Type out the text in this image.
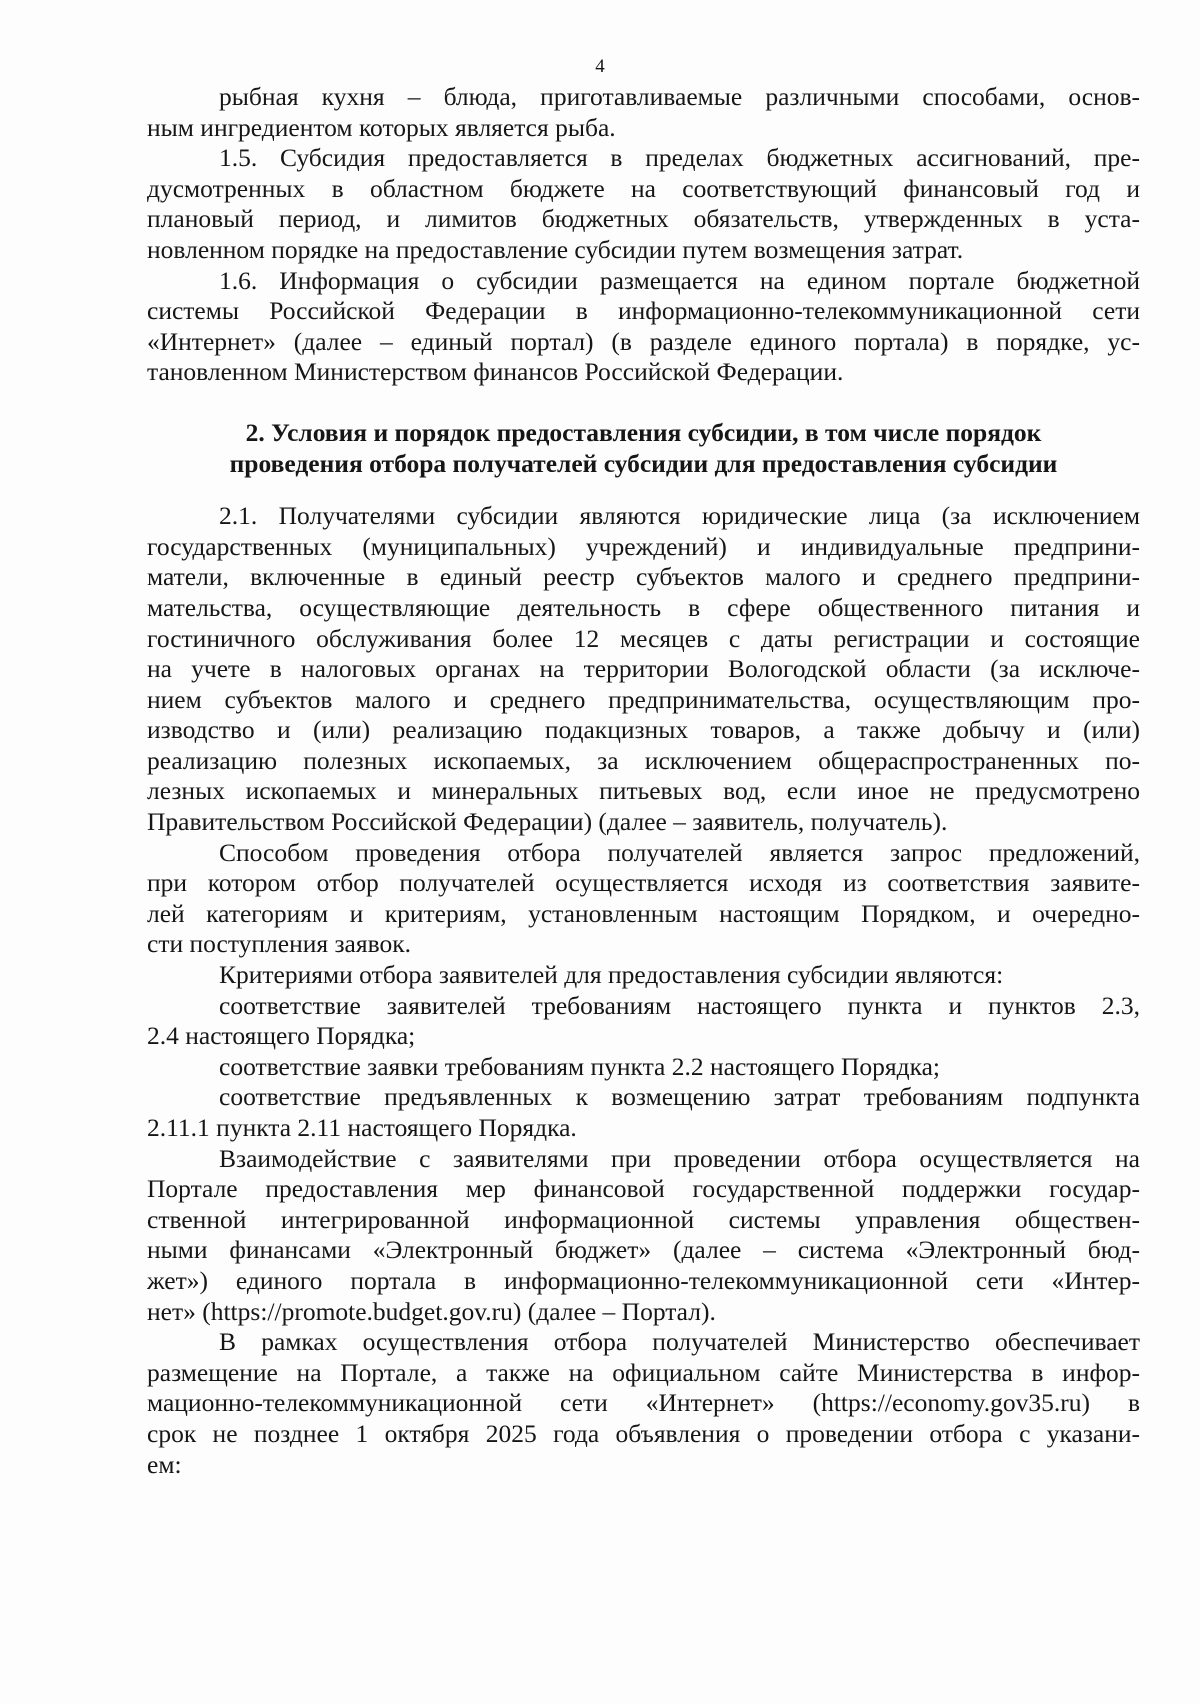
4
рыбная кухня – блюда, приготавливаемые различными способами, основ-
ным ингредиентом которых является рыба.
1.5. Субсидия предоставляется в пределах бюджетных ассигнований, пре-
дусмотренных в областном бюджете на соответствующий финансовый год и
плановый период, и лимитов бюджетных обязательств, утвержденных в уста-
новленном порядке на предоставление субсидии путем возмещения затрат.
1.6. Информация о субсидии размещается на едином портале бюджетной
системы Российской Федерации в информационно-телекоммуникационной сети
«Интернет» (далее – единый портал) (в разделе единого портала) в порядке, ус-
тановленном Министерством финансов Российской Федерации.
2. Условия и порядок предоставления субсидии, в том числе порядок
проведения отбора получателей субсидии для предоставления субсидии
2.1. Получателями субсидии являются юридические лица (за исключением
государственных (муниципальных) учреждений) и индивидуальные предприни-
матели, включенные в единый реестр субъектов малого и среднего предприни-
мательства, осуществляющие деятельность в сфере общественного питания и
гостиничного обслуживания более 12 месяцев с даты регистрации и состоящие
на учете в налоговых органах на территории Вологодской области (за исключе-
нием субъектов малого и среднего предпринимательства, осуществляющим про-
изводство и (или) реализацию подакцизных товаров, а также добычу и (или)
реализацию полезных ископаемых, за исключением общераспространенных по-
лезных ископаемых и минеральных питьевых вод, если иное не предусмотрено
Правительством Российской Федерации) (далее – заявитель, получатель).
Способом проведения отбора получателей является запрос предложений,
при котором отбор получателей осуществляется исходя из соответствия заявите-
лей категориям и критериям, установленным настоящим Порядком, и очередно-
сти поступления заявок.
Критериями отбора заявителей для предоставления субсидии являются:
соответствие заявителей требованиям настоящего пункта и пунктов 2.3,
2.4 настоящего Порядка;
соответствие заявки требованиям пункта 2.2 настоящего Порядка;
соответствие предъявленных к возмещению затрат требованиям подпункта
2.11.1 пункта 2.11 настоящего Порядка.
Взаимодействие с заявителями при проведении отбора осуществляется на
Портале предоставления мер финансовой государственной поддержки государ-
ственной интегрированной информационной системы управления обществен-
ными финансами «Электронный бюджет» (далее – система «Электронный бюд-
жет») единого портала в информационно-телекоммуникационной сети «Интер-
нет» (https://promote.budget.gov.ru) (далее – Портал).
В рамках осуществления отбора получателей Министерство обеспечивает
размещение на Портале, а также на официальном сайте Министерства в инфор-
мационно-телекоммуникационной сети «Интернет» (https://economy.gov35.ru) в
срок не позднее 1 октября 2025 года объявления о проведении отбора с указани-
ем:
